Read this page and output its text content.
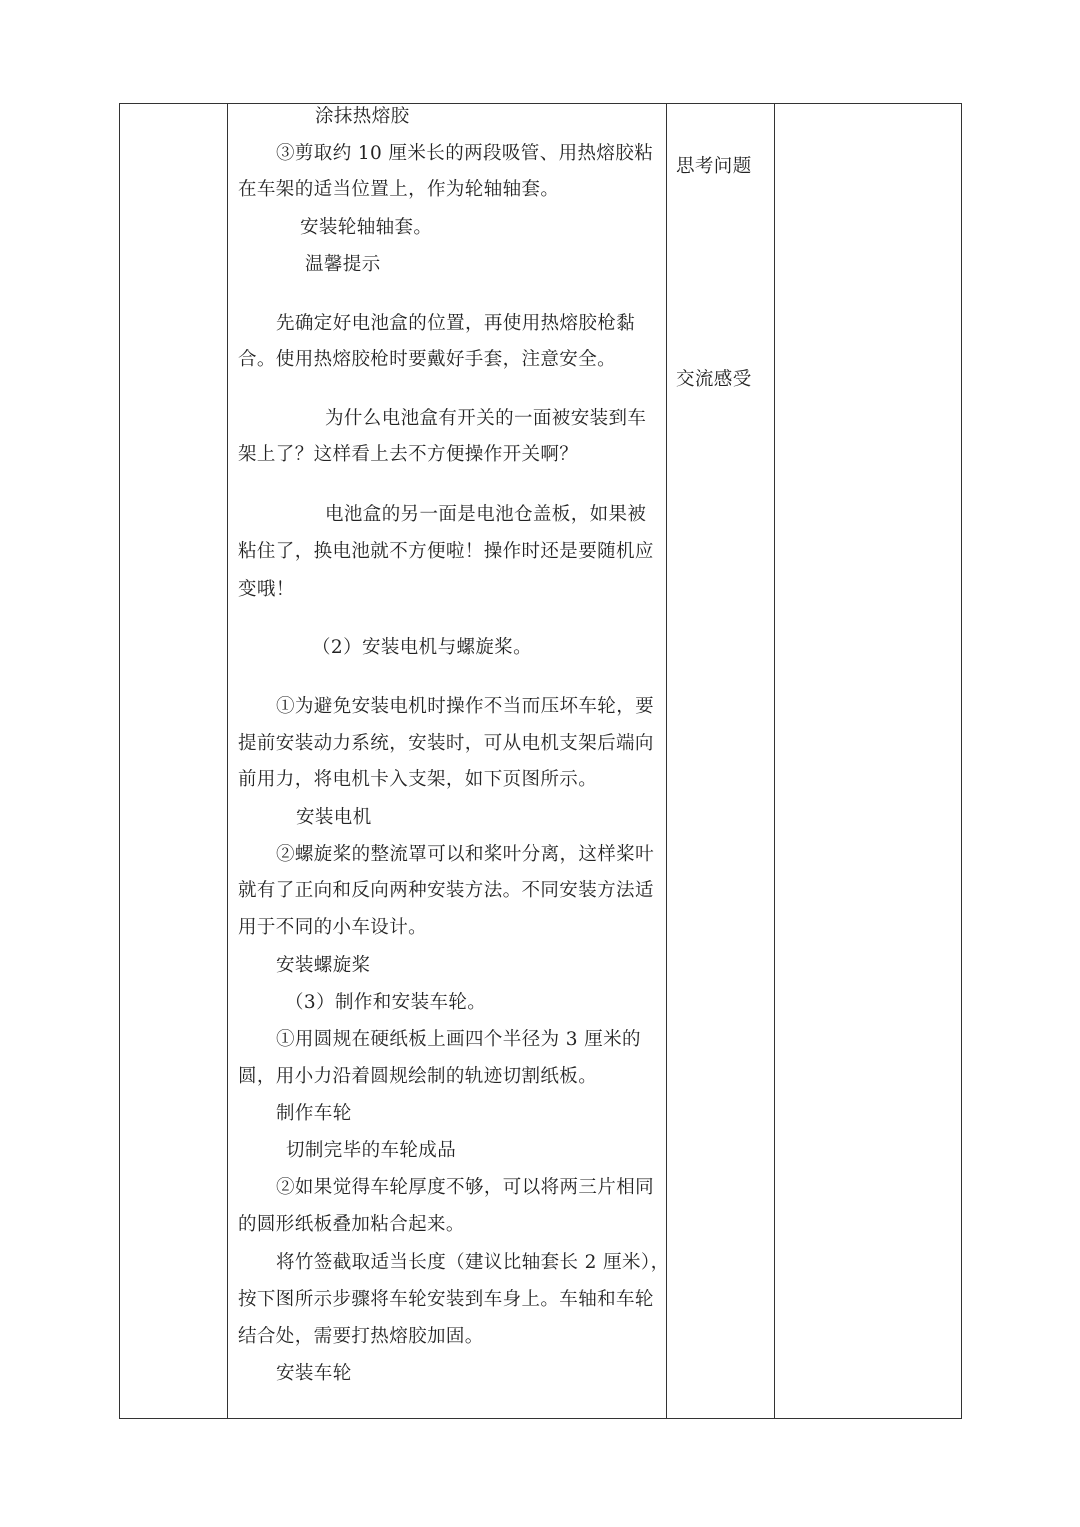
涂抹热熔胶
③剪取约 10 厘米长的两段吸管、用热熔胶粘
在车架的适当位置上，作为轮轴轴套。
安装轮轴轴套。
温馨提示
先确定好电池盒的位置，再使用热熔胶枪黏
合。使用热熔胶枪时要戴好手套，注意安全。
为什么电池盒有开关的一面被安装到车
架上了？这样看上去不方便操作开关啊？
电池盒的另一面是电池仓盖板，如果被
粘住了，换电池就不方便啦！操作时还是要随机应
变哦！
（2）安装电机与螺旋桨。
①为避免安装电机时操作不当而压坏车轮，要
提前安装动力系统，安装时，可从电机支架后端向
前用力，将电机卡入支架，如下页图所示。
安装电机
②螺旋桨的整流罩可以和桨叶分离，这样桨叶
就有了正向和反向两种安装方法。不同安装方法适
用于不同的小车设计。
安装螺旋桨
（3）制作和安装车轮。
①用圆规在硬纸板上画四个半径为 3 厘米的
圆，用小力沿着圆规绘制的轨迹切割纸板。
制作车轮
切制完毕的车轮成品
②如果觉得车轮厚度不够，可以将两三片相同
的圆形纸板叠加粘合起来。
将竹签截取适当长度（建议比轴套长 2 厘米），
按下图所示步骤将车轮安装到车身上。车轴和车轮
结合处，需要打热熔胶加固。
安装车轮
思考问题
交流感受
